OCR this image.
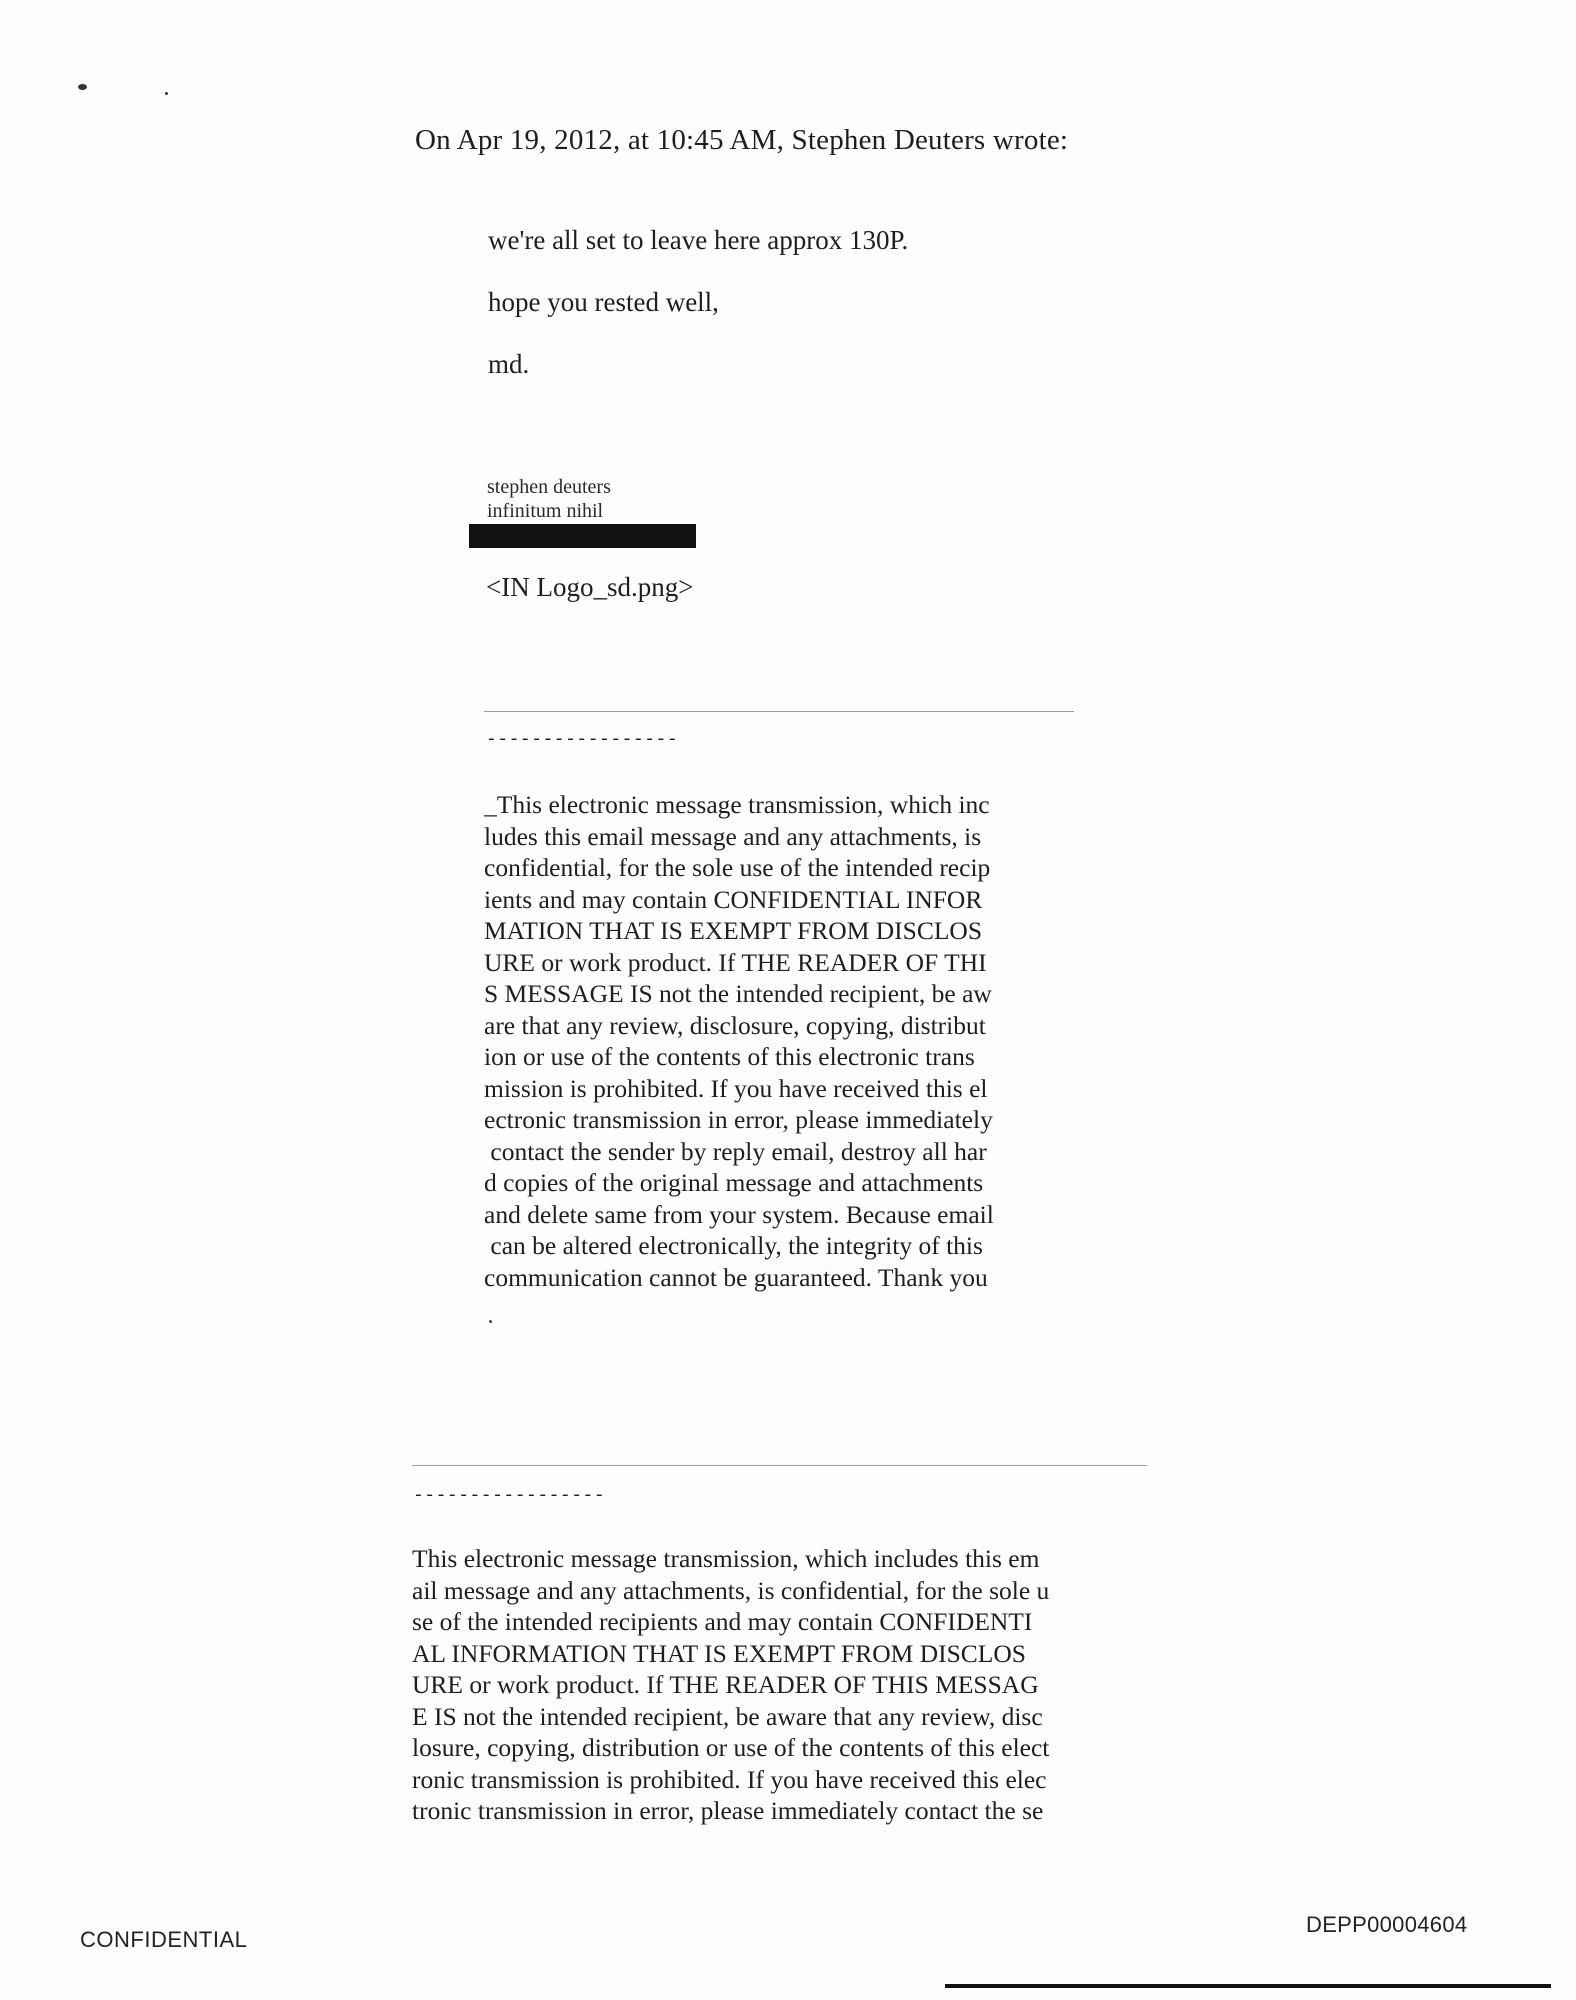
On Apr 19, 2012, at 10:45 AM, Stephen Deuters wrote:
we're all set to leave here approx 130P.
hope you rested well,
md.
stephen deuters
infinitum nihil
<IN Logo_sd.png>
-----------------
_This electronic message transmission, which inc
ludes this email message and any attachments, is
confidential, for the sole use of the intended recip
ients and may contain CONFIDENTIAL INFOR
MATION THAT IS EXEMPT FROM DISCLOS
URE or work product. If THE READER OF THI
S MESSAGE IS not the intended recipient, be aw
are that any review, disclosure, copying, distribut
ion or use of the contents of this electronic trans
mission is prohibited. If you have received this el
ectronic transmission in error, please immediately
contact the sender by reply email, destroy all har
d copies of the original message and attachments
and delete same from your system. Because email
can be altered electronically, the integrity of this
communication cannot be guaranteed. Thank you
-----------------
This electronic message transmission, which includes this em
ail message and any attachments, is confidential, for the sole u
se of the intended recipients and may contain CONFIDENTI
AL INFORMATION THAT IS EXEMPT FROM DISCLOS
URE or work product. If THE READER OF THIS MESSAG
E IS not the intended recipient, be aware that any review, disc
losure, copying, distribution or use of the contents of this elect
ronic transmission is prohibited. If you have received this elec
tronic transmission in error, please immediately contact the se
CONFIDENTIAL
DEPP00004604
